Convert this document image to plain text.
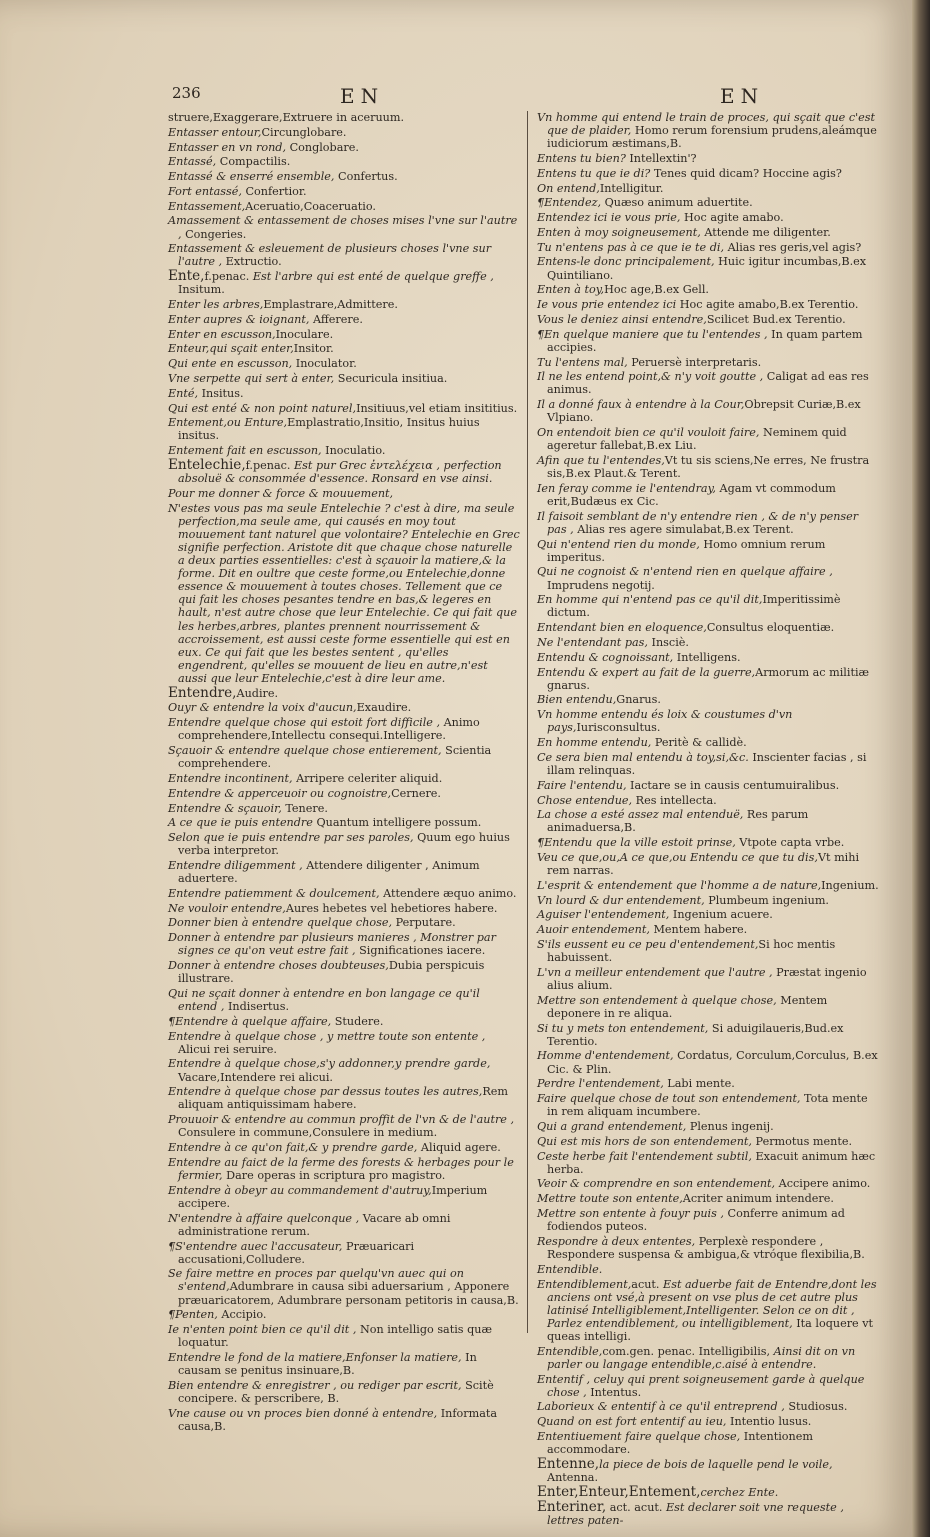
236	EN	EN
struere,Exaggerare,Extruere in aceruum.
Entasser entour,Circunglobare.
Entasser en vn rond, Conglobare.
Entassé, Compactilis.
Entassé & enserré ensemble, Confertus.
Fort entassé, Confertior.
Entassement,Aceruatio,Coaceruatio.
Amassement & entassement de choses mises l'vne sur l'autre , Congeries.
Entassement & esleuement de plusieurs choses l'vne sur l'autre , Extructio.
Ente,f.penac. Est l'arbre qui est enté de quelque greffe , Insitum.
Enter les arbres,Emplastrare,Admittere.
Enter aupres & ioignant, Afferere.
Enter en escusson,Inoculare.
Enteur,qui sçait enter,Insitor.
Qui ente en escusson, Inoculator.
Vne serpette qui sert à enter, Securicula insitiua.
Enté, Insitus.
Qui est enté & non point naturel,Insitiuus,vel etiam insititius.
Entement,ou Enture,Emplastratio,Insitio, Insitus huius insitus.
Entement fait en escusson, Inoculatio.
Entelechie,f.penac. Est pur Grec ἐντελέχεια , perfection absoluë & consommée d'essence. Ronsard en vse ainsi.
Pour me donner & force & mouuement,
N'estes vous pas ma seule Entelechie ? c'est à dire, ma seule perfection,ma seule ame, qui causés en moy tout mouuement tant naturel que volontaire? Entelechie en Grec signifie perfection. Aristote dit que chaque chose naturelle a deux parties essentielles: c'est à sçauoir la matiere,& la forme. Dit en oultre que ceste forme,ou Entelechie,donne essence & mouuement à toutes choses. Tellement que ce qui fait les choses pesantes tendre en bas,& legeres en hault, n'est autre chose que leur Entelechie. Ce qui fait que les herbes,arbres, plantes prennent nourrissement & accroissement, est aussi ceste forme essentielle qui est en eux. Ce qui fait que les bestes sentent , qu'elles engendrent, qu'elles se mouuent de lieu en autre,n'est aussi que leur Entelechie,c'est à dire leur ame.
Entendre,Audire.
Ouyr & entendre la voix d'aucun,Exaudire.
Entendre quelque chose qui estoit fort difficile , Animo comprehendere,Intellectu consequi.Intelligere.
Sçauoir & entendre quelque chose entierement, Scientia comprehendere.
Entendre incontinent, Arripere celeriter aliquid.
Entendre & apperceuoir ou cognoistre,Cernere.
Entendre & sçauoir, Tenere.
A ce que ie puis entendre Quantum intelligere possum.
Selon que ie puis entendre par ses paroles, Quum ego huius verba interpretor.
Entendre diligemment , Attendere diligenter , Animum aduertere.
Entendre patiemment & doulcement, Attendere æquo animo.
Ne vouloir entendre,Aures hebetes vel hebetiores habere.
Donner bien à entendre quelque chose, Perputare.
Donner à entendre par plusieurs manieres , Monstrer par signes ce qu'on veut estre fait , Significationes iacere.
Donner à entendre choses doubteuses,Dubia perspicuis illustrare.
Qui ne sçait donner à entendre en bon langage ce qu'il entend , Indisertus.
¶Entendre à quelque affaire, Studere.
Entendre à quelque chose , y mettre toute son entente , Alicui rei seruire.
Entendre à quelque chose,s'y addonner,y prendre garde, Vacare,Intendere rei alicui.
Entendre à quelque chose par dessus toutes les autres,Rem aliquam antiquissimam habere.
Prouuoir & entendre au commun proffit de l'vn & de l'autre , Consulere in commune,Consulere in medium.
Entendre à ce qu'on fait,& y prendre garde, Aliquid agere.
Entendre au faict de la ferme des forests & herbages pour le fermier, Dare operas in scriptura pro magistro.
Entendre à obeyr au commandement d'autruy,Imperium accipere.
N'entendre à affaire quelconque , Vacare ab omni administratione rerum.
¶S'entendre auec l'accusateur, Præuaricari accusationi,Colludere.
Se faire mettre en proces par quelqu'vn auec qui on s'entend,Adumbrare in causa sibi aduersarium , Apponere præuaricatorem, Adumbrare personam petitoris in causa,B.
¶Penten, Accipio.
Ie n'enten point bien ce qu'il dit , Non intelligo satis quæ loquatur.
Entendre le fond de la matiere,Enfonser la matiere, In causam se penitus insinuare,B.
Bien entendre & enregistrer , ou rediger par escrit, Scitè concipere. & perscribere, B.
Vne cause ou vn proces bien donné à entendre, Informata causa,B.
Vn homme qui entend le train de proces, qui sçait que c'est que de plaider, Homo rerum forensium prudens,aleámque iudiciorum æstimans,B.
Entens tu bien? Intellextin'?
Entens tu que ie di? Tenes quid dicam? Hoccine agis?
On entend,Intelligitur.
¶Entendez, Quæso animum aduertite.
Entendez ici ie vous prie, Hoc agite amabo.
Enten à moy soigneusement, Attende me diligenter.
Tu n'entens pas à ce que ie te di, Alias res geris,vel agis?
Entens-le donc principalement, Huic igitur incumbas,B.ex Quintiliano.
Enten à toy,Hoc age,B.ex Gell.
Ie vous prie entendez ici Hoc agite amabo,B.ex Terentio.
Vous le deniez ainsi entendre,Scilicet Bud.ex Terentio.
¶En quelque maniere que tu l'entendes , In quam partem accipies.
Tu l'entens mal, Peruersè interpretaris.
Il ne les entend point,& n'y voit goutte , Caligat ad eas res animus.
Il a donné faux à entendre à la Cour,Obrepsit Curiæ,B.ex Vlpiano.
On entendoit bien ce qu'il vouloit faire, Neminem quid ageretur fallebat,B.ex Liu.
Afin que tu l'entendes,Vt tu sis sciens,Ne erres, Ne frustra sis,B.ex Plaut.& Terent.
Ien feray comme ie l'entendray, Agam vt commodum erit,Budæus ex Cic.
Il faisoit semblant de n'y entendre rien , & de n'y penser pas , Alias res agere simulabat,B.ex Terent.
Qui n'entend rien du monde, Homo omnium rerum imperitus.
Qui ne cognoist & n'entend rien en quelque affaire , Imprudens negotij.
En homme qui n'entend pas ce qu'il dit,Imperitissimè dictum.
Entendant bien en eloquence,Consultus eloquentiæ.
Ne l'entendant pas, Insciè.
Entendu & cognoissant, Intelligens.
Entendu & expert au fait de la guerre,Armorum ac militiæ gnarus.
Bien entendu,Gnarus.
Vn homme entendu és loix & coustumes d'vn pays,Iurisconsultus.
En homme entendu, Peritè & callidè.
Ce sera bien mal entendu à toy,si,&c. Inscienter facias , si illam relinquas.
Faire l'entendu, Iactare se in causis centumuiralibus.
Chose entendue, Res intellecta.
La chose a esté assez mal entenduë, Res parum animaduersa,B.
¶Entendu que la ville estoit prinse, Vtpote capta vrbe.
Veu ce que,ou,A ce que,ou Entendu ce que tu dis,Vt mihi rem narras.
L'esprit & entendement que l'homme a de nature,Ingenium.
Vn lourd & dur entendement, Plumbeum ingenium.
Aguiser l'entendement, Ingenium acuere.
Auoir entendement, Mentem habere.
S'ils eussent eu ce peu d'entendement,Si hoc mentis habuissent.
L'vn a meilleur entendement que l'autre , Præstat ingenio alius alium.
Mettre son entendement à quelque chose, Mentem deponere in re aliqua.
Si tu y mets ton entendement, Si aduigilaueris,Bud.ex Terentio.
Homme d'entendement, Cordatus, Corculum,Corculus, B.ex Cic. & Plin.
Perdre l'entendement, Labi mente.
Faire quelque chose de tout son entendement, Tota mente in rem aliquam incumbere.
Qui a grand entendement, Plenus ingenij.
Qui est mis hors de son entendement, Permotus mente.
Ceste herbe fait l'entendement subtil, Exacuit animum hæc herba.
Veoir & comprendre en son entendement, Accipere animo.
Mettre toute son entente,Acriter animum intendere.
Mettre son entente à fouyr puis , Conferre animum ad fodiendos puteos.
Respondre à deux ententes, Perplexè respondere , Respondere suspensa & ambigua,& vtróque flexibilia,B.
Entendible.
Entendiblement,acut. Est aduerbe fait de Entendre,dont les anciens ont vsé,à present on vse plus de cet autre plus latinisé Intelligiblement,Intelligenter. Selon ce on dit , Parlez entendiblement, ou intelligiblement, Ita loquere vt queas intelligi.
Entendible,com.gen. penac. Intelligibilis, Ainsi dit on vn parler ou langage entendible,c.aisé à entendre.
Ententif , celuy qui prent soigneusement garde à quelque chose , Intentus.
Laborieux & ententif à ce qu'il entreprend , Studiosus.
Quand on est fort ententif au ieu, Intentio lusus.
Ententiuement faire quelque chose, Intentionem accommodare.
Entenne,la piece de bois de laquelle pend le voile, Antenna.
Enter,Enteur,Entement,cerchez Ente.
Enteriner, act. acut. Est declarer soit vne requeste , lettres paten-
